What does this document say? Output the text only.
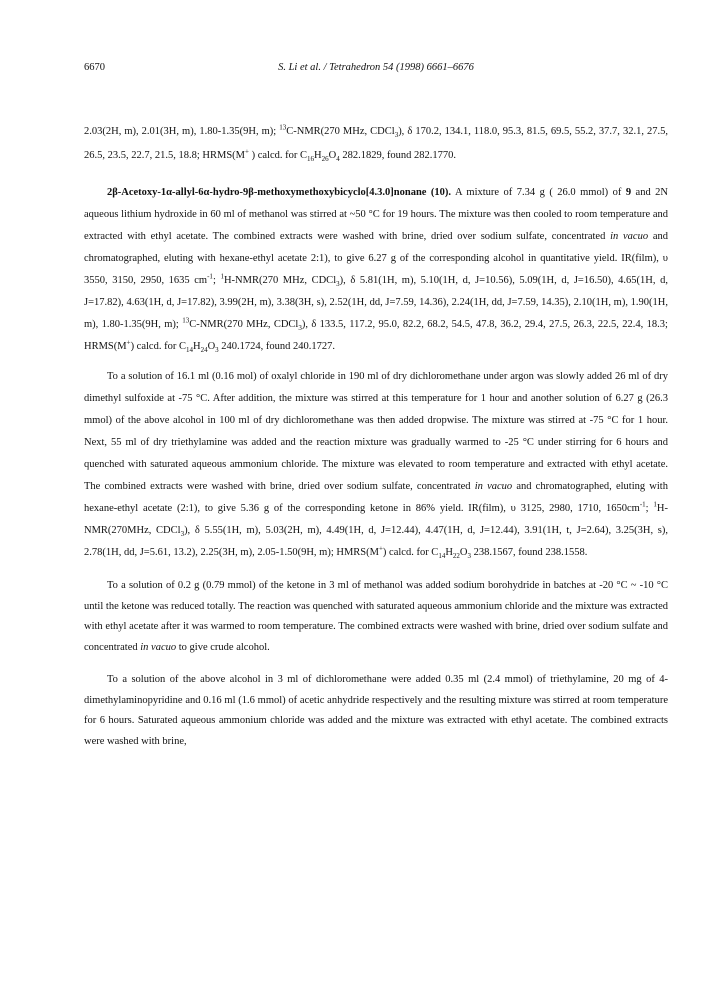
6670	S. Li et al. / Tetrahedron 54 (1998) 6661–6676

2.03(2H, m), 2.01(3H, m), 1.80-1.35(9H, m); $^{13}$C-NMR(270 MHz, CDCl$_3$), δ 170.2, 134.1, 118.0, 95.3, 81.5, 69.5, 55.2, 37.7, 32.1, 27.5, 26.5, 23.5, 22.7, 21.5, 18.8; HRMS(M+ ) calcd. for $C_{16}H_{26}O_4$ 282.1829, found 282.1770.

2β-Acetoxy-1α-allyl-6α-hydro-9β-methoxymethoxybicyclo[4.3.0]nonane (10). A mixture of 7.34 g ( 26.0 mmol) of 9 and 2N aqueous lithium hydroxide in 60 ml of methanol was stirred at ~50 °C for 19 hours. The mixture was then cooled to room temperature and extracted with ethyl acetate. The combined extracts were washed with brine, dried over sodium sulfate, concentrated in vacuo and chromatographed, eluting with hexane-ethyl acetate 2:1), to give 6.27 g of the corresponding alcohol in quantitative yield. IR(film), υ 3550, 3150, 2950, 1635 $cm^{-1}$; $^1$H-NMR(270 MHz, CDCl$_3$), δ 5.81(1H, m), 5.10(1H, d, J=10.56), 5.09(1H, d, J=16.50), 4.65(1H, d, J=17.82), 4.63(1H, d, J=17.82), 3.99(2H, m), 3.38(3H, s), 2.52(1H, dd, J=7.59, 14.36), 2.24(1H, dd, J=7.59, 14.35), 2.10(1H, m), 1.90(1H, m), 1.80-1.35(9H, m); $^{13}$C-NMR(270 MHz, CDCl$_3$), δ 133.5, 117.2, 95.0, 82.2, 68.2, 54.5, 47.8, 36.2, 29.4, 27.5, 26.3, 22.5, 22.4, 18.3; HRMS(M+) calcd. for $C_{14}H_{24}O_3$ 240.1724, found 240.1727.

To a solution of 16.1 ml (0.16 mol) of oxalyl chloride in 190 ml of dry dichloromethane under argon was slowly added 26 ml of dry dimethyl sulfoxide at -75 °C. After addition, the mixture was stirred at this temperature for 1 hour and another solution of 6.27 g (26.3 mmol) of the above alcohol in 100 ml of dry dichloromethane was then added dropwise. The mixture was stirred at -75 °C for 1 hour. Next, 55 ml of dry triethylamine was added and the reaction mixture was gradually warmed to -25 °C under stirring for 6 hours and quenched with saturated aqueous ammonium chloride. The mixture was elevated to room temperature and extracted with ethyl acetate. The combined extracts were washed with brine, dried over sodium sulfate, concentrated in vacuo and chromatographed, eluting with hexane-ethyl acetate (2:1), to give 5.36 g of the corresponding ketone in 86% yield. IR(film), υ 3125, 2980, 1710, $1650cm^{-1}$; $^1$H-NMR(270MHz, CDCl$_3$), δ 5.55(1H, m), 5.03(2H, m), 4.49(1H, d, J=12.44), 4.47(1H, d, J=12.44), 3.91(1H, t, J=2.64), 3.25(3H, s), 2.78(1H, dd, J=5.61, 13.2), 2.25(3H, m), 2.05-1.50(9H, m); HMRS(M+) calcd. for $C_{14}H_{22}O_3$ 238.1567, found 238.1558.

To a solution of 0.2 g (0.79 mmol) of the ketone in 3 ml of methanol was added sodium borohydride in batches at -20 °C ~ -10 °C until the ketone was reduced totally. The reaction was quenched with saturated aqueous ammonium chloride and the mixture was extracted with ethyl acetate after it was warmed to room temperature. The combined extracts were washed with brine, dried over sodium sulfate and concentrated in vacuo to give crude alcohol.

To a solution of the above alcohol in 3 ml of dichloromethane were added 0.35 ml (2.4 mmol) of triethylamine, 20 mg of 4-dimethylaminopyridine and 0.16 ml (1.6 mmol) of acetic anhydride respectively and the resulting mixture was stirred at room temperature for 6 hours. Saturated aqueous ammonium chloride was added and the mixture was extracted with ethyl acetate. The combined extracts were washed with brine,
